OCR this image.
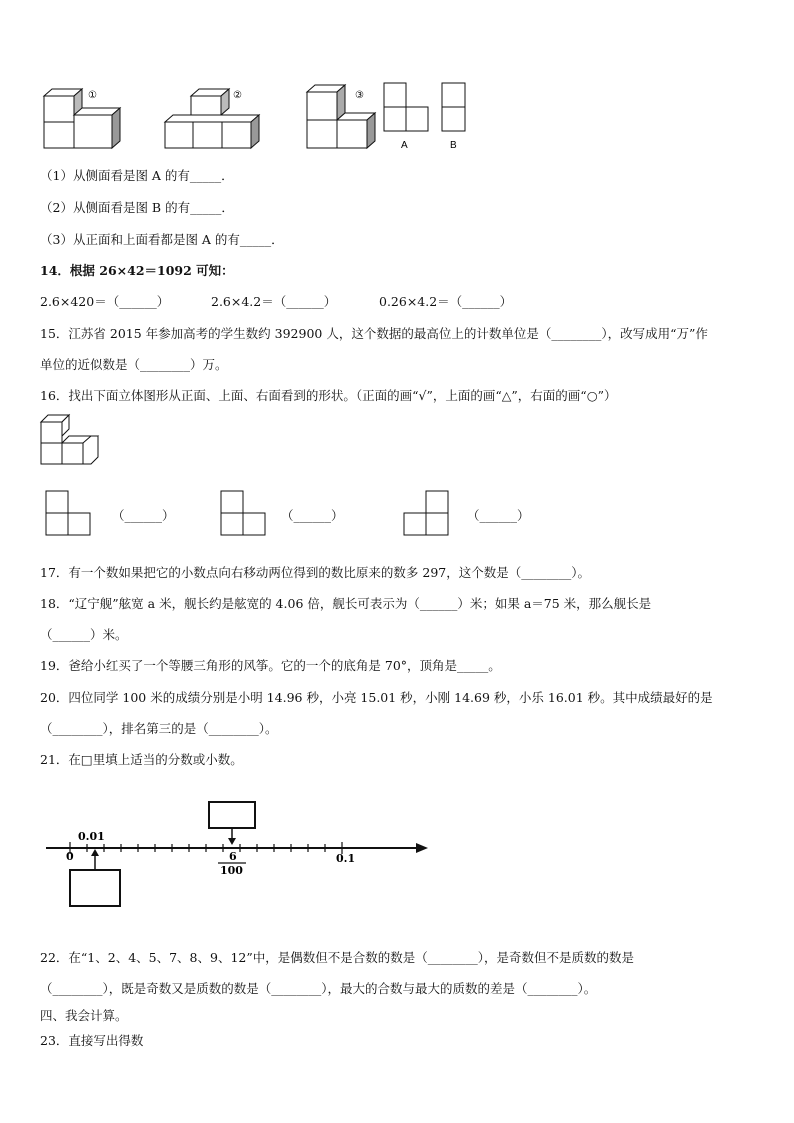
①	②	③
A	B
（1）从侧面看是图 A 的有_____．
（2）从侧面看是图 B 的有_____．
（3）从正面和上面看都是图 A 的有_____．
14．根据 26×42＝1092 可知：
2.6×420＝（______）	2.6×4.2＝（______）	0.26×4.2＝（______）
15．江苏省 2015 年参加高考的学生数约 392900 人，这个数据的最高位上的计数单位是（________），改写成用“万”作
单位的近似数是（________）万。
16．找出下面立体图形从正面、上面、右面看到的形状。（正面的画“√”，上面的画“△”，右面的画“○”）
（______）	（______）	（______）
17．有一个数如果把它的小数点向右移动两位得到的数比原来的数多 297，这个数是（________）。
18．“辽宁舰”舷宽 a 米，舰长约是舷宽的 4.06 倍，舰长可表示为（______）米；如果 a＝75 米，那么舰长是
（______）米。
19．爸给小红买了一个等腰三角形的风筝。它的一个的底角是 70°，顶角是_____。
20．四位同学 100 米的成绩分别是小明 14.96 秒，小亮 15.01 秒，小刚 14.69 秒，小乐 16.01 秒。其中成绩最好的是
（________），排名第三的是（________）。
21．在□里填上适当的分数或小数。
0.01
0	0.1
6
100
22．在“1、2、4、5、7、8、9、12”中，是偶数但不是合数的数是（________），是奇数但不是质数的数是
（________），既是奇数又是质数的数是（________），最大的合数与最大的质数的差是（________）。
四、我会计算。
23．直接写出得数
